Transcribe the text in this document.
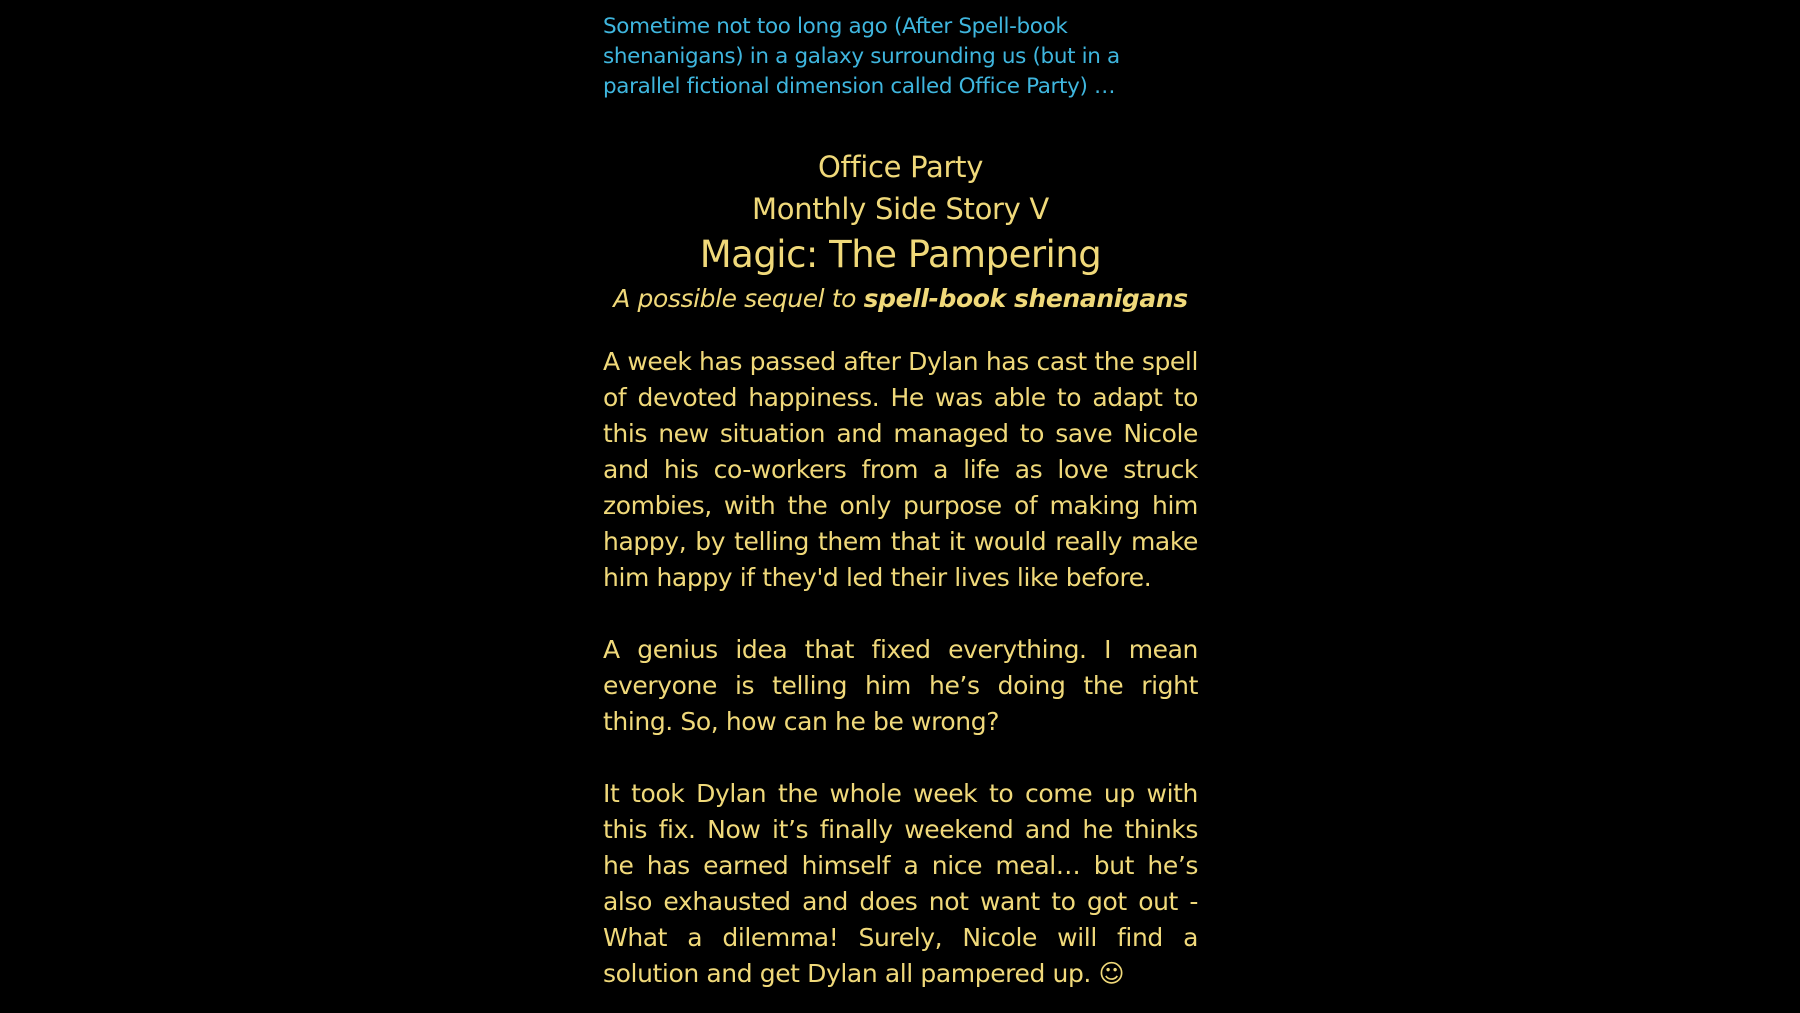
Sometime not too long ago (After Spell-book shenanigans) in a galaxy surrounding us (but in a parallel fictional dimension called Office Party) …

Office Party
Monthly Side Story V
Magic: The Pampering
A possible sequel to spell-book shenanigans

A week has passed after Dylan has cast the spell of devoted happiness. He was able to adapt to this new situation and managed to save Nicole and his co-workers from a life as love struck zombies, with the only purpose of making him happy, by telling them that it would really make him happy if they'd led their lives like before.

A genius idea that fixed everything. I mean everyone is telling him he’s doing the right thing. So, how can he be wrong?

It took Dylan the whole week to come up with this fix. Now it’s finally weekend and he thinks he has earned himself a nice meal… but he’s also exhausted and does not want to got out - What a dilemma! Surely, Nicole will find a solution and get Dylan all pampered up. ☺
